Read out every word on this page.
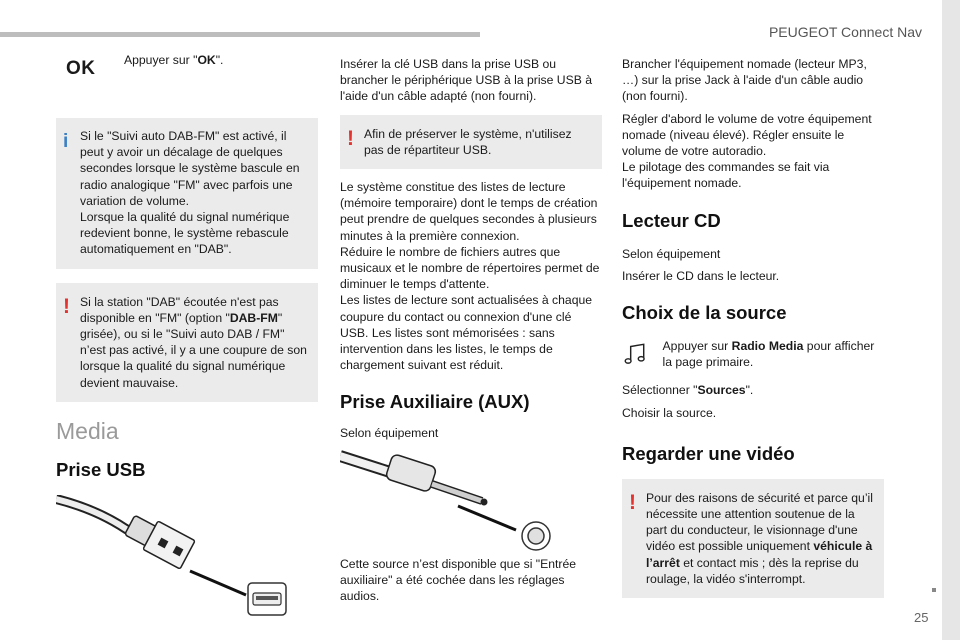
PEUGEOT Connect Nav
25
OK	Appuyer sur "OK".

i Si le "Suivi auto DAB-FM" est activé, il peut y avoir un décalage de quelques secondes lorsque le système bascule en radio analogique "FM" avec parfois une variation de volume.

Lorsque la qualité du signal numérique redevient bonne, le système rebascule automatiquement en "DAB".

! Si la station "DAB" écoutée n'est pas disponible en "FM" (option "DAB-FM" grisée), ou si le "Suivi auto DAB / FM" n’est pas activé, il y a une coupure de son lorsque la qualité du signal numérique devient mauvaise.

Media
Prise USB

Insérer la clé USB dans la prise USB ou brancher le périphérique USB à la prise USB à l'aide d'un câble adapté (non fourni).

! Afin de préserver le système, n'utilisez pas de répartiteur USB.

Le système constitue des listes de lecture (mémoire temporaire) dont le temps de création peut prendre de quelques secondes à plusieurs minutes à la première connexion.

Réduire le nombre de fichiers autres que musicaux et le nombre de répertoires permet de diminuer le temps d'attente.

Les listes de lecture sont actualisées à chaque coupure du contact ou connexion d'une clé USB. Les listes sont mémorisées : sans intervention dans les listes, le temps de chargement suivant est réduit.

Prise Auxiliaire (AUX)

Selon équipement

Cette source n’est disponible que si "Entrée auxiliaire" a été cochée dans les réglages audios.

Brancher l'équipement nomade (lecteur MP3, …) sur la prise Jack à l'aide d'un câble audio (non fourni).

Régler d'abord le volume de votre équipement nomade (niveau élevé). Régler ensuite le volume de votre autoradio.

Le pilotage des commandes se fait via l'équipement nomade.

Lecteur CD

Selon équipement

Insérer le CD dans le lecteur.

Choix de la source

Appuyer sur Radio Media pour afficher la page primaire.

Sélectionner "Sources".

Choisir la source.

Regarder une vidéo
! Pour des raisons de sécurité et parce qu’il nécessite une attention soutenue de la part du conducteur, le visionnage d'une vidéo est possible uniquement véhicule à l’arrêt et contact mis ; dès la reprise du roulage, la vidéo s'interrompt.
